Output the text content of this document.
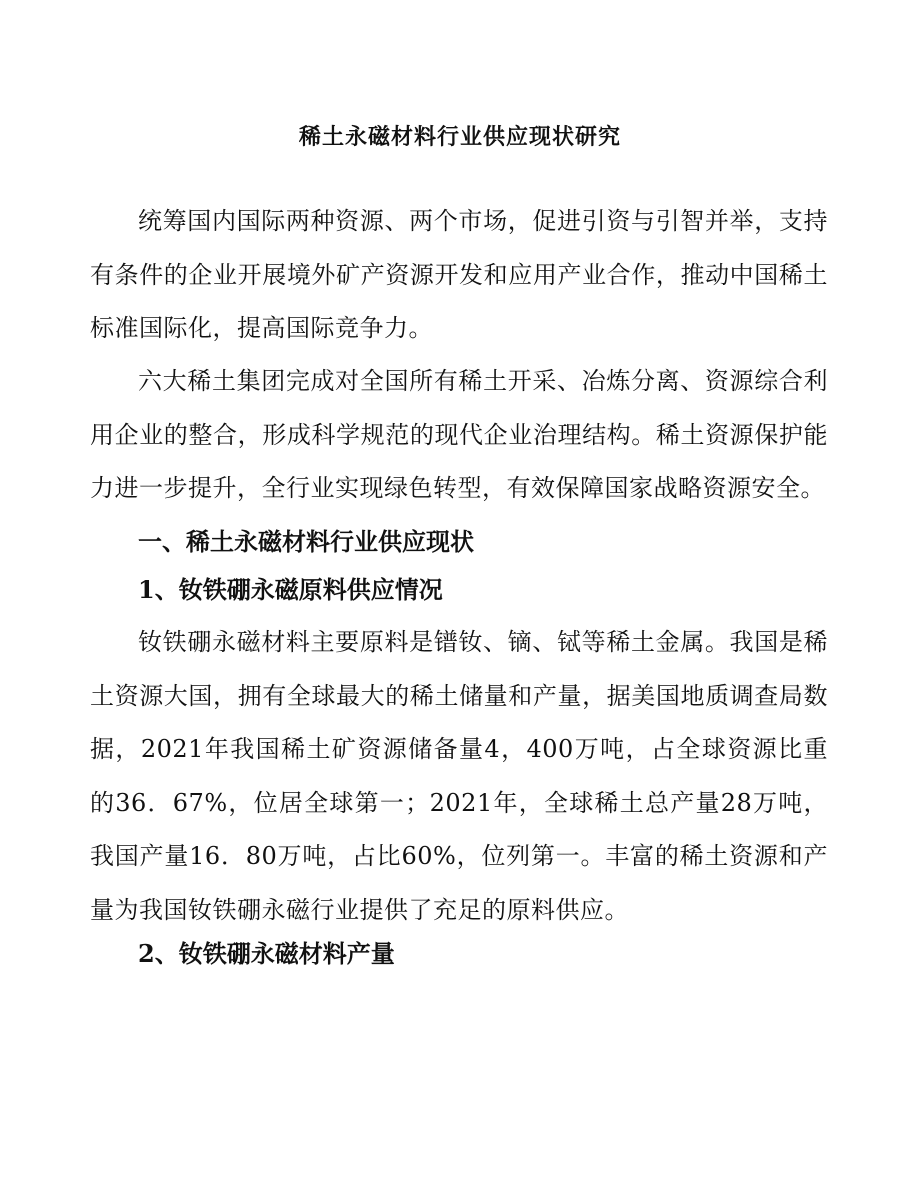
稀土永磁材料行业供应现状研究

统筹国内国际两种资源、两个市场，促进引资与引智并举，支持有条件的企业开展境外矿产资源开发和应用产业合作，推动中国稀土标准国际化，提高国际竞争力。

六大稀土集团完成对全国所有稀土开采、冶炼分离、资源综合利用企业的整合，形成科学规范的现代企业治理结构。稀土资源保护能力进一步提升，全行业实现绿色转型，有效保障国家战略资源安全。

一、稀土永磁材料行业供应现状
1、钕铁硼永磁原料供应情况

钕铁硼永磁材料主要原料是镨钕、镝、铽等稀土金属。我国是稀土资源大国，拥有全球最大的稀土储量和产量，据美国地质调查局数据，2021年我国稀土矿资源储备量4，400万吨，占全球资源比重的36．67%，位居全球第一；2021年，全球稀土总产量28万吨，我国产量16．80万吨，占比60%，位列第一。丰富的稀土资源和产量为我国钕铁硼永磁行业提供了充足的原料供应。

2、钕铁硼永磁材料产量
